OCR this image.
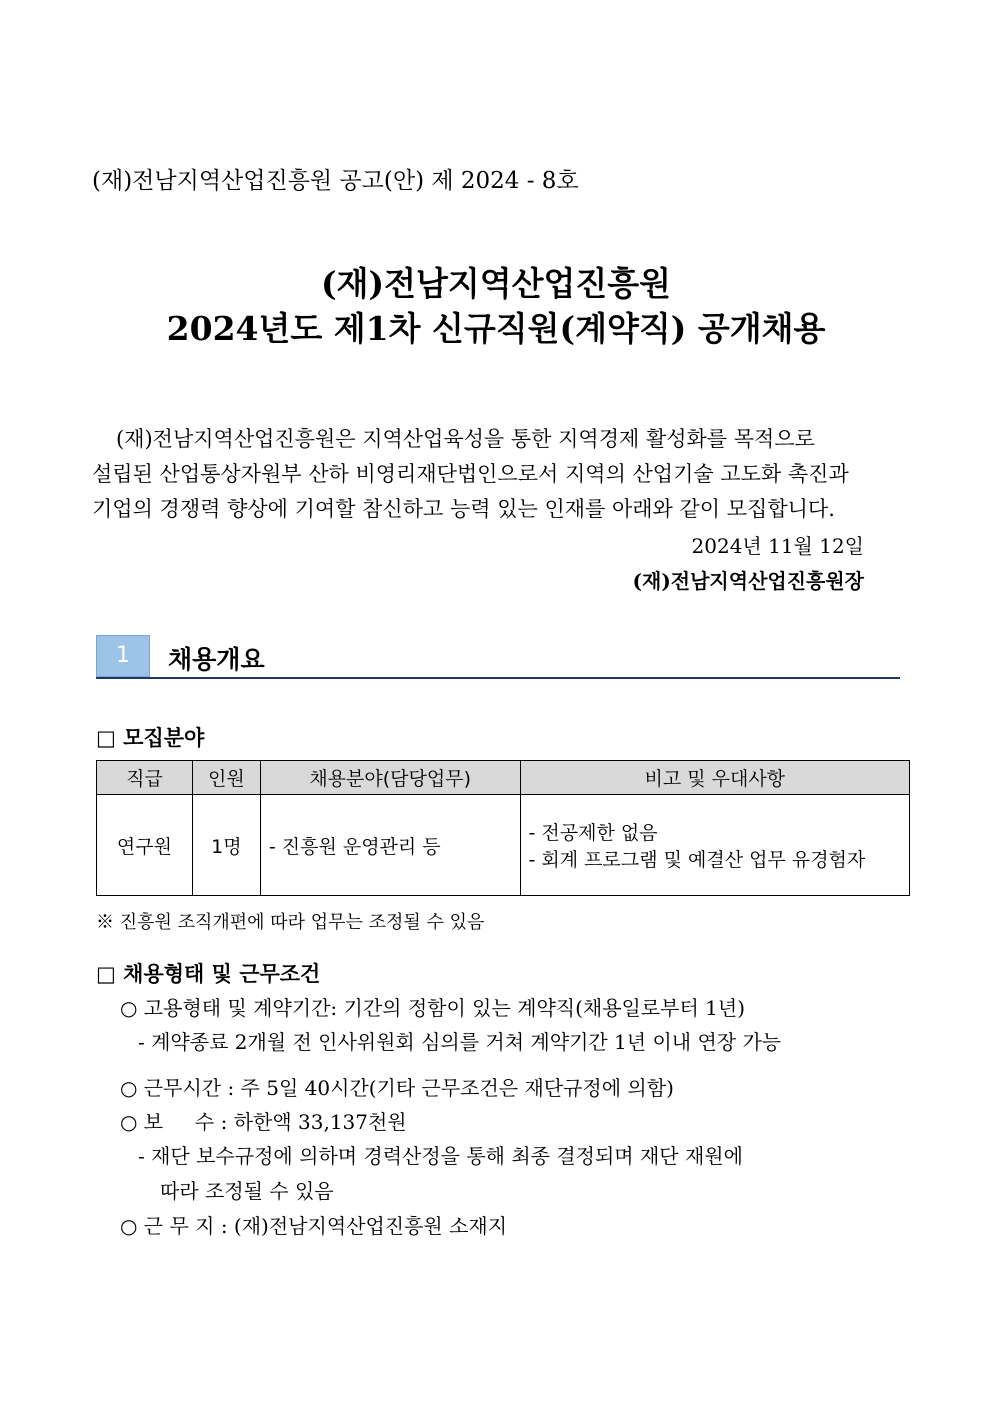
(재)전남지역산업진흥원 공고(안) 제 2024 - 8호
(재)전남지역산업진흥원
2024년도 제1차 신규직원(계약직) 공개채용
(재)전남지역산업진흥원은 지역산업육성을 통한 지역경제 활성화를 목적으로
설립된 산업통상자원부 산하 비영리재단법인으로서 지역의 산업기술 고도화 촉진과
기업의 경쟁력 향상에 기여할 참신하고 능력 있는 인재를 아래와 같이 모집합니다.
2024년 11월 12일
(재)전남지역산업진흥원장
1	채용개요
□ 모집분야
직급	인원	채용분야(담당업무)	비고 및 우대사항
연구원	1명	- 진흥원 운영관리 등	- 전공제한 없음
- 회계 프로그램 및 예결산 업무 유경험자
※ 진흥원 조직개편에 따라 업무는 조정될 수 있음
□ 채용형태 및 근무조건
○ 고용형태 및 계약기간: 기간의 정함이 있는 계약직(채용일로부터 1년)
- 계약종료 2개월 전 인사위원회 심의를 거쳐 계약기간 1년 이내 연장 가능
○ 근무시간 : 주 5일 40시간(기타 근무조건은 재단규정에 의함)
○ 보     수 : 하한액 33,137천원
- 재단 보수규정에 의하며 경력산정을 통해 최종 결정되며 재단 재원에
따라 조정될 수 있음
○ 근 무 지 : (재)전남지역산업진흥원 소재지
